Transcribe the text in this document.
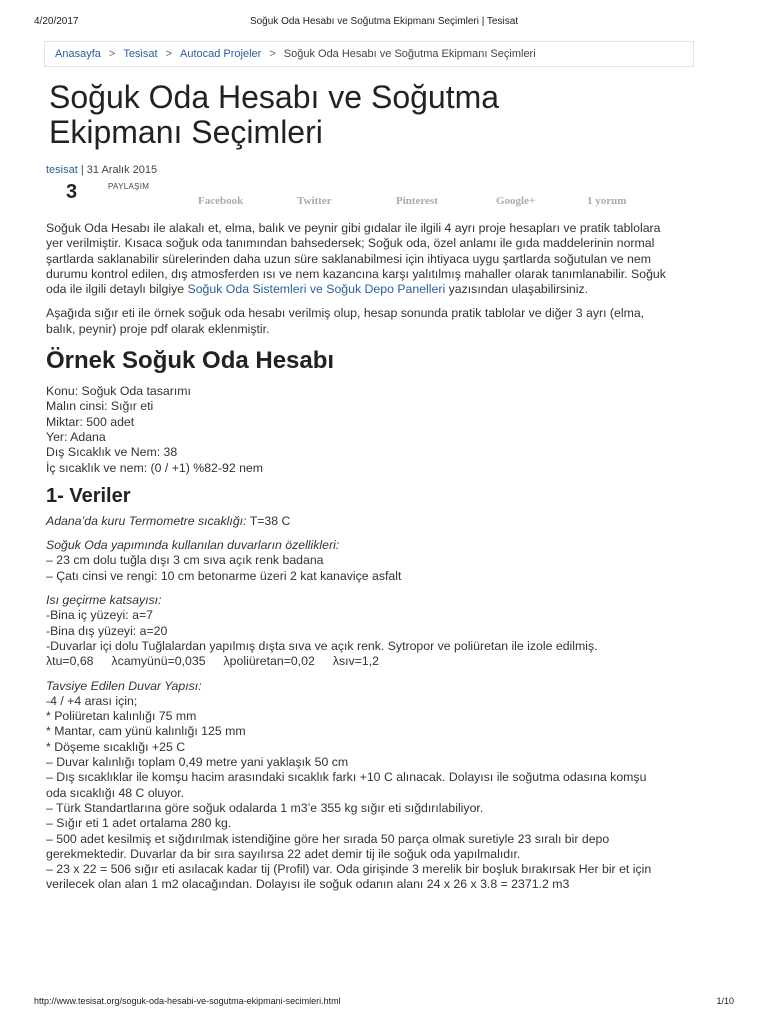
4/20/2017	Soğuk Oda Hesabı ve Soğutma Ekipmanı Seçimleri | Tesisat
Anasayfa > Tesisat > Autocad Projeler > Soğuk Oda Hesabı ve Soğutma Ekipmanı Seçimleri
Soğuk Oda Hesabı ve Soğutma
Ekipmanı Seçimleri
tesisat | 31 Aralık 2015
3	PAYLAŞIM
Facebook	Twitter	Pinterest	Google+	1 yorum

Soğuk Oda Hesabı ile alakalı et, elma, balık ve peynir gibi gıdalar ile ilgili 4 ayrı proje hesapları ve pratik tablolara yer verilmiştir. Kısaca soğuk oda tanımından bahsedersek; Soğuk oda, özel anlamı ile gıda maddelerinin normal şartlarda saklanabilir sürelerinden daha uzun süre saklanabilmesi için ihtiyaca uygu şartlarda soğutulan ve nem durumu kontrol edilen, dış atmosferden ısı ve nem kazancına karşı yalıtılmış mahaller olarak tanımlanabilir. Soğuk oda ile ilgili detaylı bilgiye Soğuk Oda Sistemleri ve Soğuk Depo Panelleri yazısından ulaşabilirsiniz.

Aşağıda sığır eti ile örnek soğuk oda hesabı verilmiş olup, hesap sonunda pratik tablolar ve diğer 3 ayrı (elma, balık, peynir) proje pdf olarak eklenmiştir.

Örnek Soğuk Oda Hesabı

Konu: Soğuk Oda tasarımı

Malın cinsi: Sığır eti

Miktar: 500 adet

Yer: Adana

Dış Sıcaklık ve Nem: 38

İç sıcaklık ve nem: (0 / +1) %82-92 nem

1- Veriler

Adana’da kuru Termometre sıcaklığı: T=38 C

Soğuk Oda yapımında kullanılan duvarların özellikleri:

– 23 cm dolu tuğla dışı 3 cm sıva açık renk badana

– Çatı cinsi ve rengi: 10 cm betonarme üzeri 2 kat kanaviçe asfalt

Isı geçirme katsayısı:

-Bina iç yüzeyi: a=7

-Bina dış yüzeyi: a=20

-Duvarlar içi dolu Tuğlalardan yapılmış dışta sıva ve açık renk. Sytropor ve poliüretan ile izole edilmiş.

λtu=0,68 λcamyünü=0,035 λpoliüretan=0,02 λsıv=1,2

Tavsiye Edilen Duvar Yapısı:

-4 / +4 arası için;

* Poliüretan kalınlığı 75 mm

* Mantar, cam yünü kalınlığı 125 mm

* Döşeme sıcaklığı +25 C

– Duvar kalınlığı toplam 0,49 metre yani yaklaşık 50 cm

– Dış sıcaklıklar ile komşu hacim arasındaki sıcaklık farkı +10 C alınacak. Dolayısı ile soğutma odasına komşu oda sıcaklığı 48 C oluyor.

– Türk Standartlarına göre soğuk odalarda 1 m3’e 355 kg sığır eti sığdırılabiliyor.

– Sığır eti 1 adet ortalama 280 kg.

– 500 adet kesilmiş et sığdırılmak istendiğine göre her sırada 50 parça olmak suretiyle 23 sıralı bir depo gerekmektedir. Duvarlar da bir sıra sayılırsa 22 adet demir tij ile soğuk oda yapılmalıdır.

– 23 x 22 = 506 sığır eti asılacak kadar tij (Profil) var. Oda girişinde 3 merelik bir boşluk bırakırsak Her bir et için verilecek olan alan 1 m2 olacağından. Dolayısı ile soğuk odanın alanı 24 x 26 x 3.8 = 2371.2 m3

http://www.tesisat.org/soguk-oda-hesabi-ve-sogutma-ekipmani-secimleri.html	1/10
